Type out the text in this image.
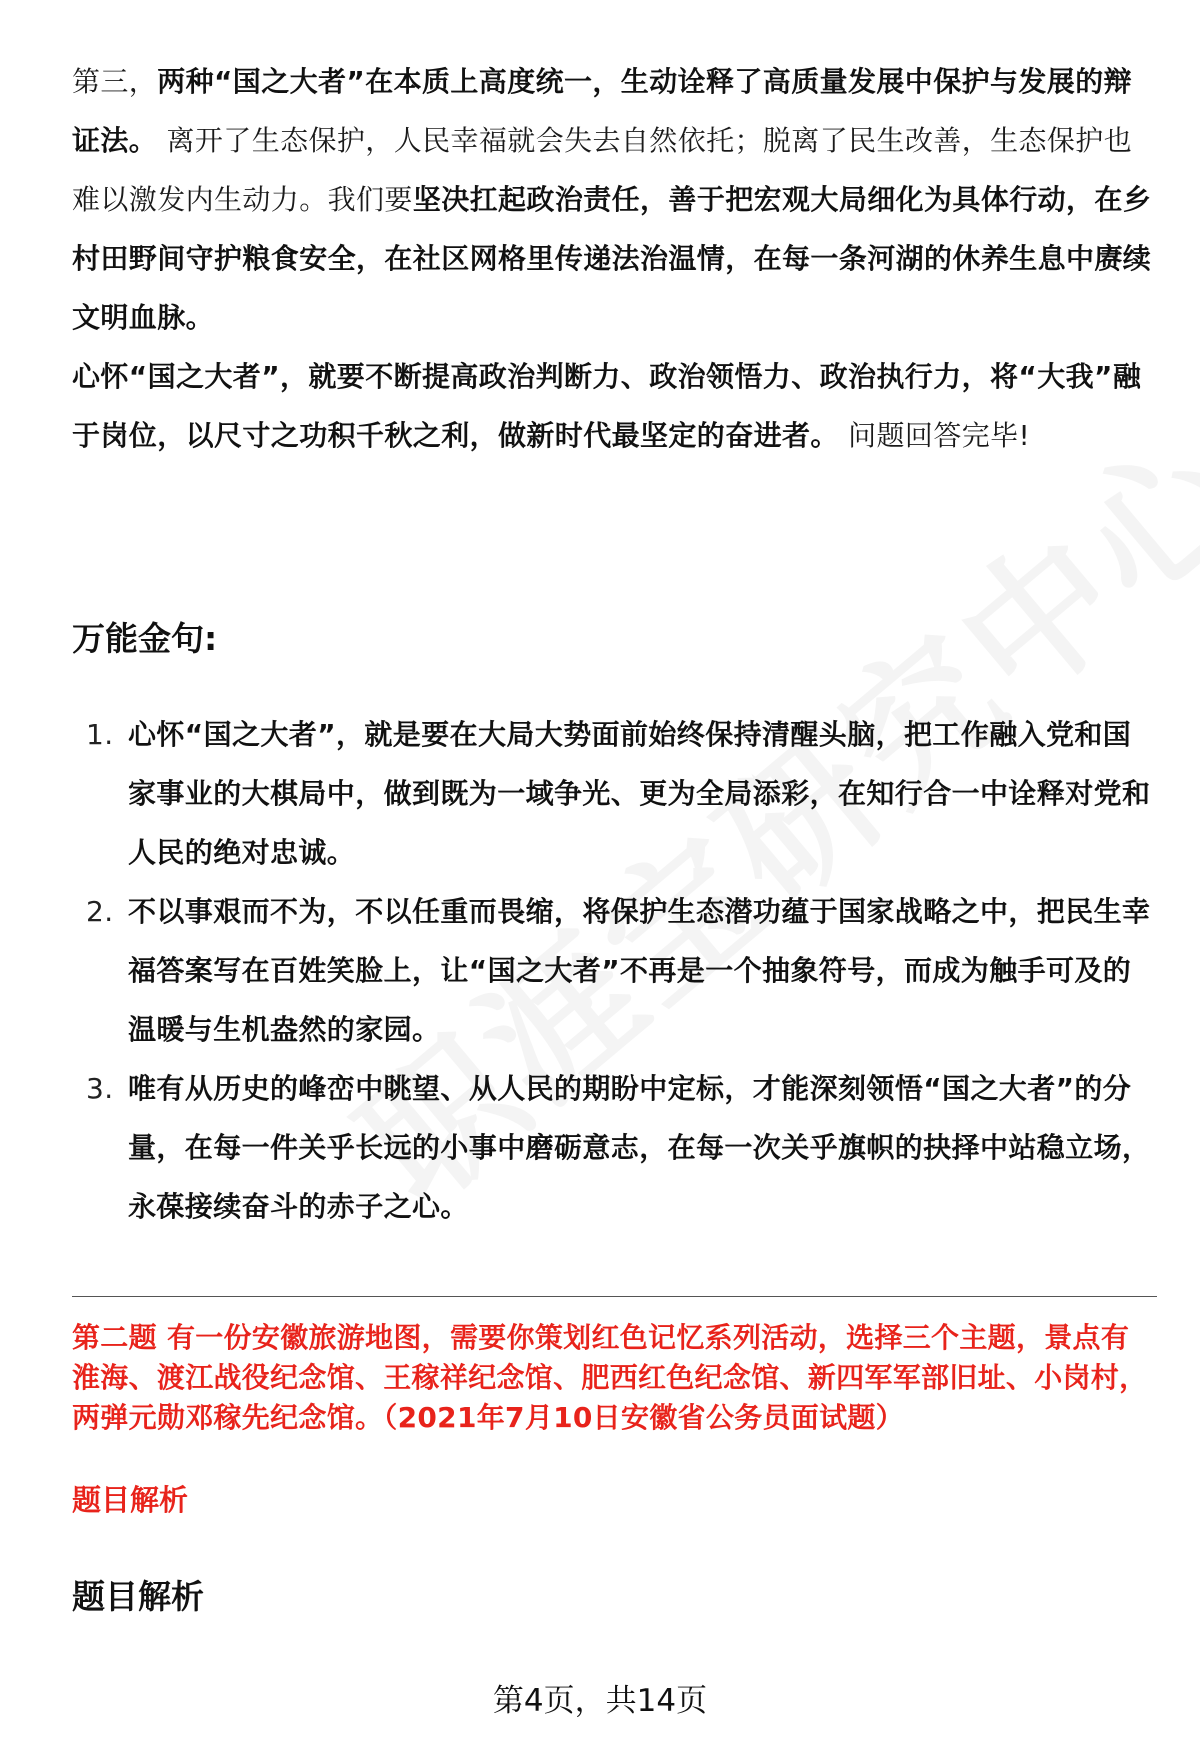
第三，两种“国之大者”在本质上高度统一，生动诠释了高质量发展中保护与发展的辩证法。 离开了生态保护，人民幸福就会失去自然依托；脱离了民生改善，生态保护也难以激发内生动力。我们要坚决扛起政治责任，善于把宏观大局细化为具体行动，在乡村田野间守护粮食安全，在社区网格里传递法治温情，在每一条河湖的休养生息中赓续文明血脉。
心怀“国之大者”，就要不断提高政治判断力、政治领悟力、政治执行力，将“大我”融于岗位，以尺寸之功积千秋之利，做新时代最坚定的奋进者。 问题回答完毕!
万能金句:
1. 心怀“国之大者”，就是要在大局大势面前始终保持清醒头脑，把工作融入党和国家事业的大棋局中，做到既为一域争光、更为全局添彩，在知行合一中诠释对党和人民的绝对忠诚。
2. 不以事艰而不为，不以任重而畏缩，将保护生态潜功蕴于国家战略之中，把民生幸福答案写在百姓笑脸上，让“国之大者”不再是一个抽象符号，而成为触手可及的温暖与生机盎然的家园。
3. 唯有从历史的峰峦中眺望、从人民的期盼中定标，才能深刻领悟“国之大者”的分量，在每一件关乎长远的小事中磨砺意志，在每一次关乎旗帜的抉择中站稳立场，永葆接续奋斗的赤子之心。
第二题 有一份安徽旅游地图，需要你策划红色记忆系列活动，选择三个主题，景点有淮海、渡江战役纪念馆、王稼祥纪念馆、肥西红色纪念馆、新四军军部旧址、小岗村，两弹元勋邓稼先纪念馆。（2021年7月10日安徽省公务员面试题）
题目解析
题目解析
第4页，共14页
